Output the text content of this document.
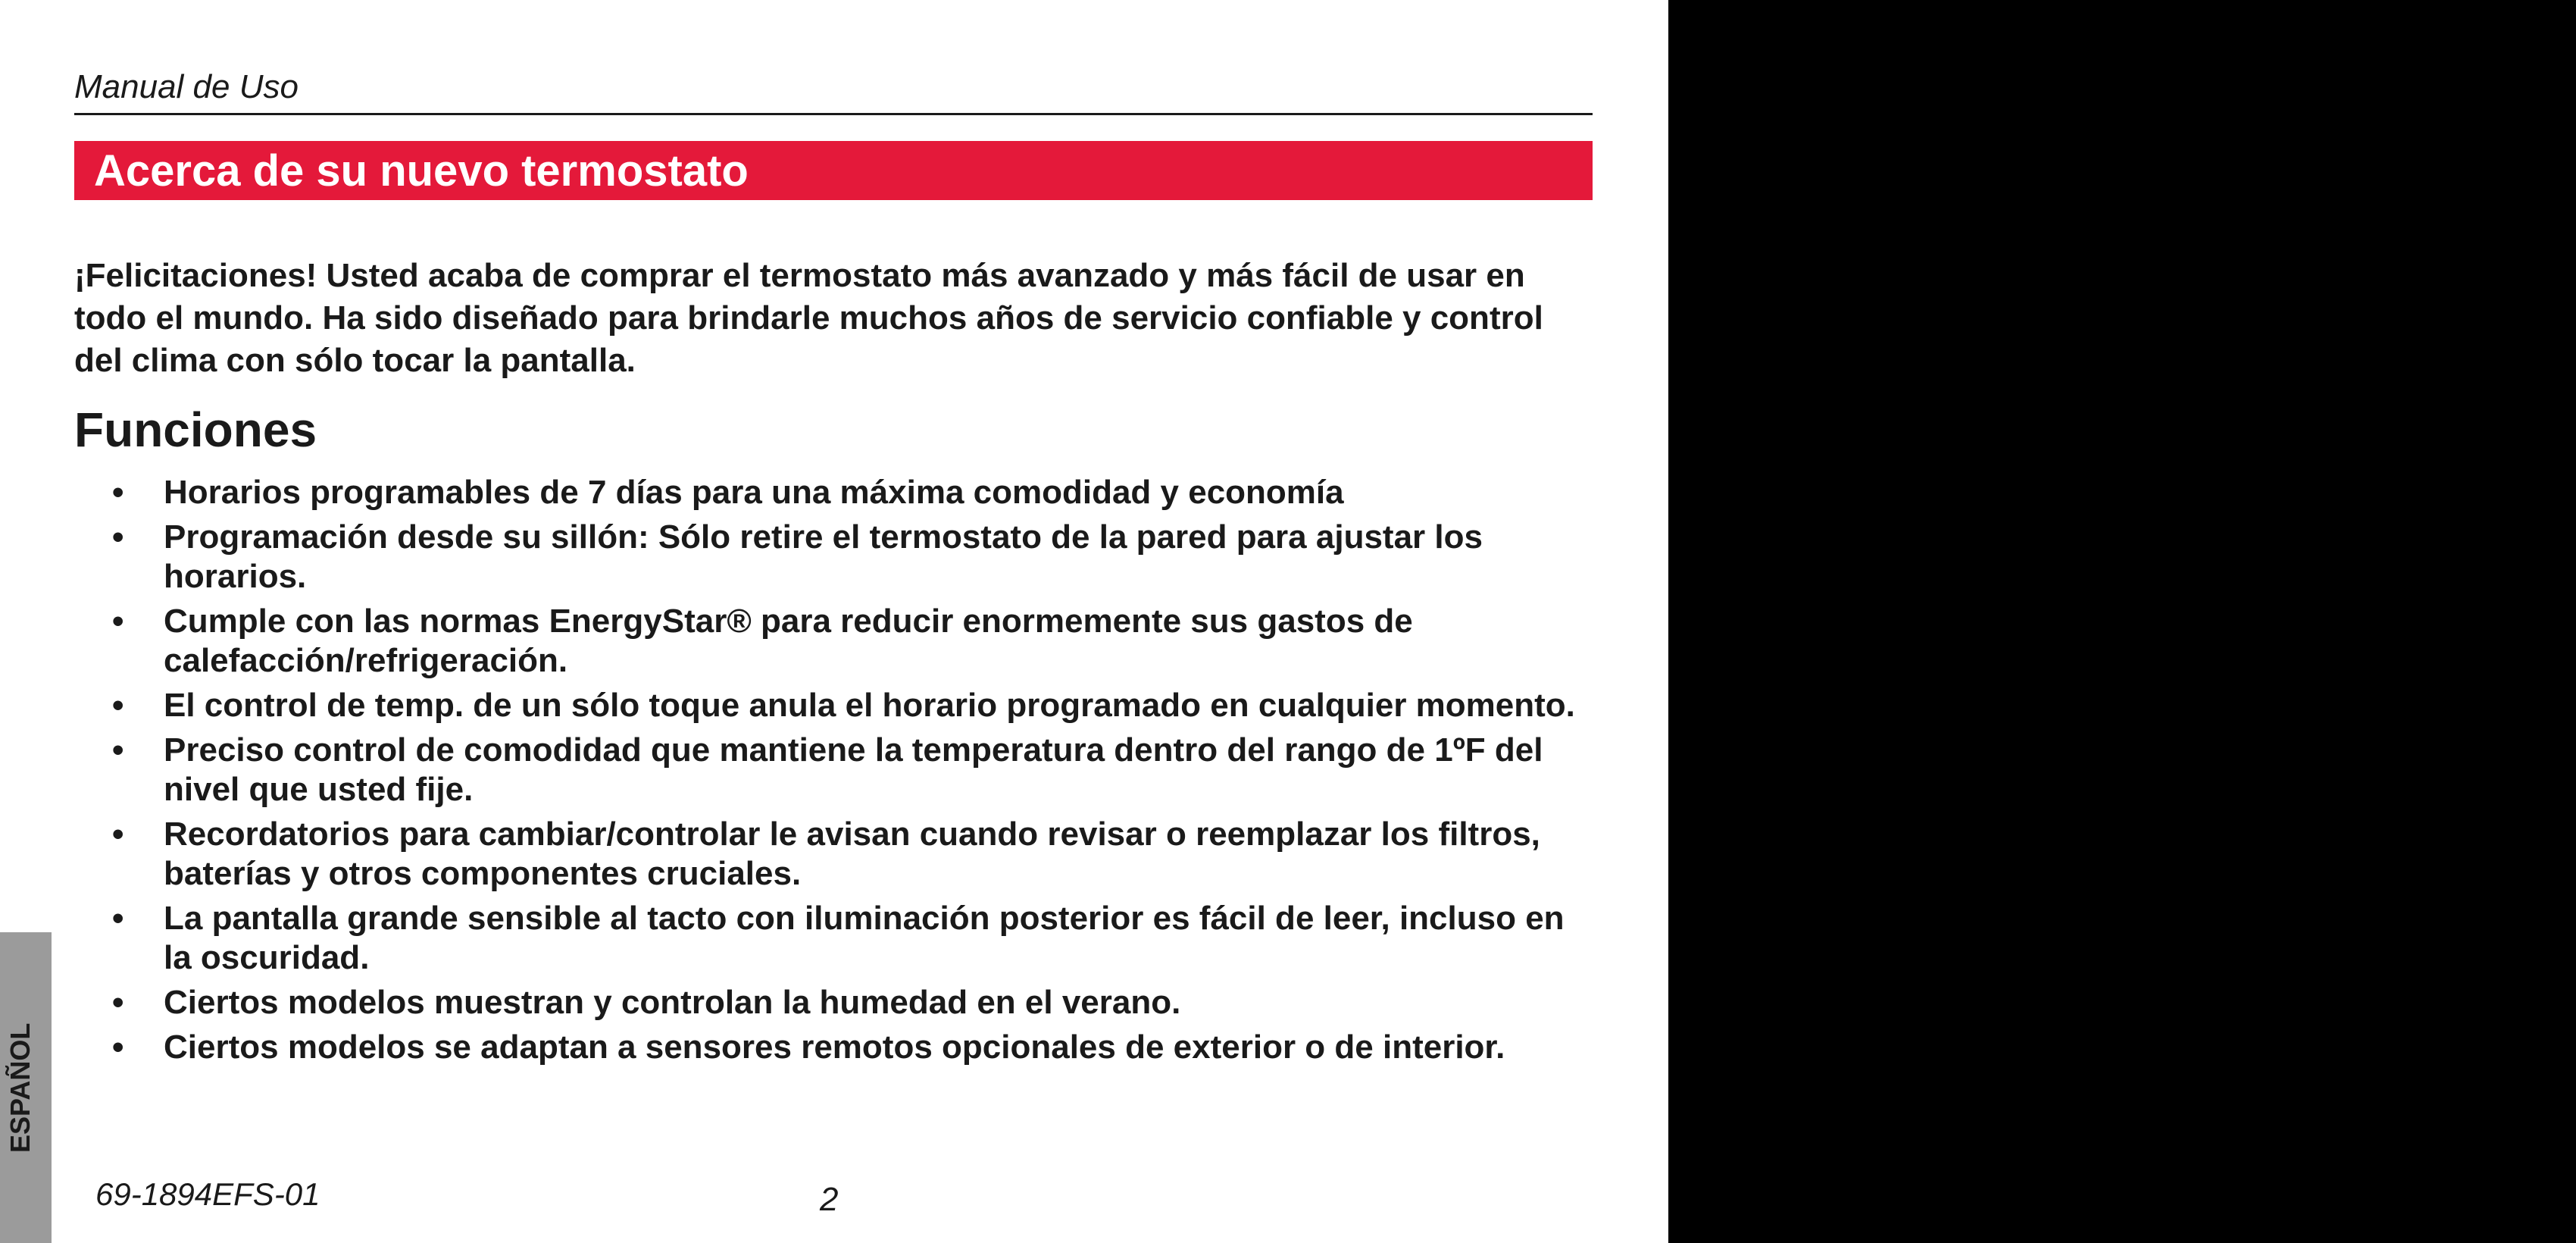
Manual de Uso
Acerca de su nuevo termostato

¡Felicitaciones! Usted acaba de comprar el termostato más avanzado y más fácil de usar en todo el mundo. Ha sido diseñado para brindarle muchos años de servicio confiable y control del clima con sólo tocar la pantalla.

Funciones
•	Horarios programables de 7 días para una máxima comodidad y economía
•	Programación desde su sillón: Sólo retire el termostato de la pared para ajustar los horarios.
•	Cumple con las normas EnergyStar® para reducir enormemente sus gastos de calefacción/refrigeración.
•	El control de temp. de un sólo toque anula el horario programado en cualquier momento.
•	Preciso control de comodidad que mantiene la temperatura dentro del rango de 1ºF del nivel que usted fije.
•	Recordatorios para cambiar/controlar le avisan cuando revisar o reemplazar los filtros, baterías y otros componentes cruciales.
•	La pantalla grande sensible al tacto con iluminación posterior es fácil de leer, incluso en la oscuridad.
•	Ciertos modelos muestran y controlan la humedad en el verano.
•	Ciertos modelos se adaptan a sensores remotos opcionales de exterior o de interior.
ESPAÑOL
69-1894EFS-01	2
